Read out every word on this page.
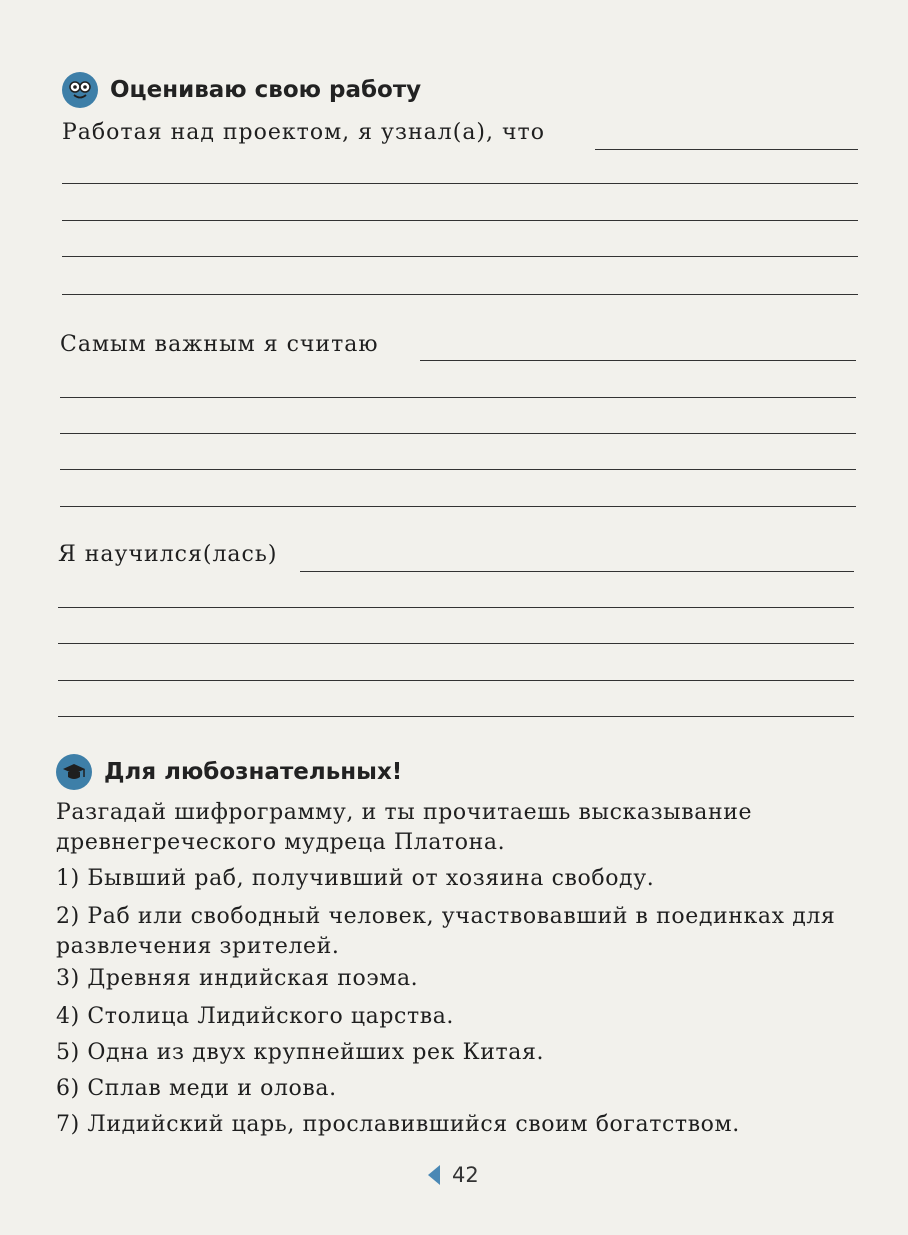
Оцениваю свою работу
Работая над проектом, я узнал(а), что
Самым важным я считаю
Я научился(лась)
Для любознательных!
Разгадай шифрограмму, и ты прочитаешь высказывание древнегреческого мудреца Платона.
1) Бывший раб, получивший от хозяина свободу.
2) Раб или свободный человек, участвовавший в поединках для развлечения зрителей.
3) Древняя индийская поэма.
4) Столица Лидийского царства.
5) Одна из двух крупнейших рек Китая.
6) Сплав меди и олова.
7) Лидийский царь, прославившийся своим богатством.
42
